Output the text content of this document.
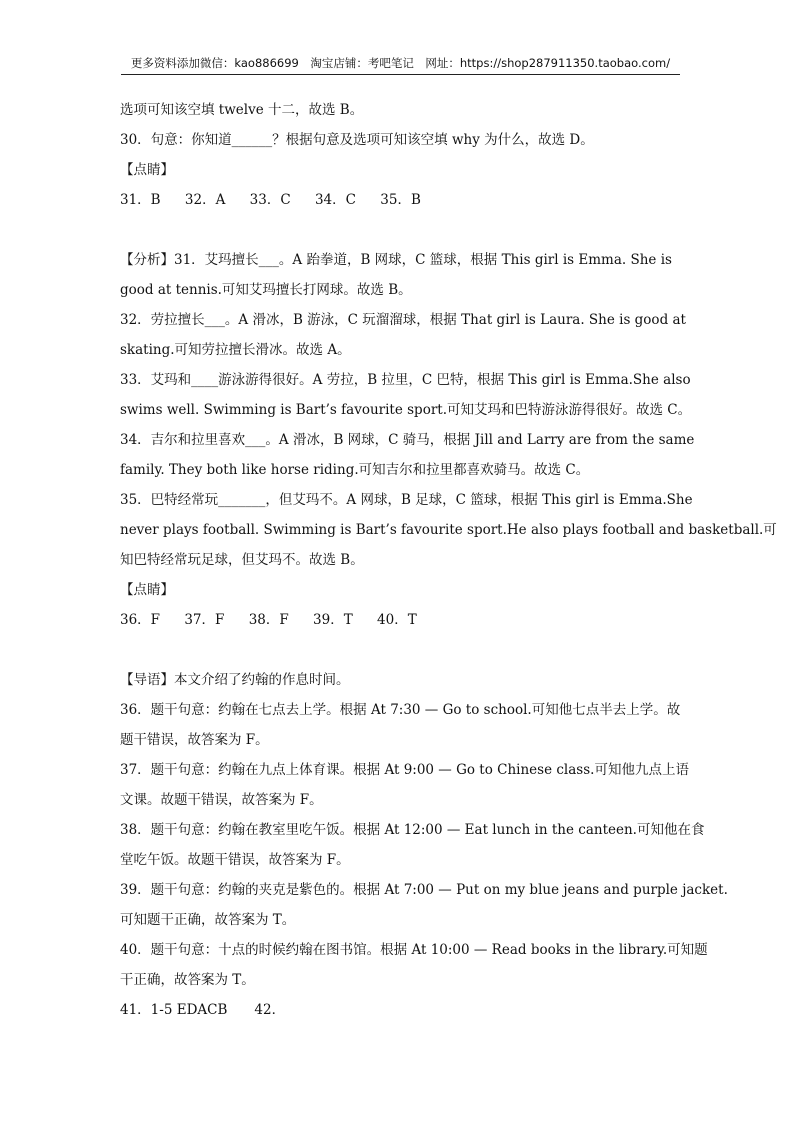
更多资料添加微信：kao886699　淘宝店铺：考吧笔记　网址：https://shop287911350.taobao.com/
选项可知该空填 twelve 十二，故选 B。
30．句意：你知道______？根据句意及选项可知该空填 why 为什么，故选 D。
【点睛】
31．B 32．A 33．C 34．C 35．B
【分析】31．艾玛擅长___。A 跆拳道，B 网球，C 篮球，根据 This girl is Emma. She is
good at tennis.可知艾玛擅长打网球。故选 B。
32．劳拉擅长___。A 滑冰，B 游泳，C 玩溜溜球，根据 That girl is Laura. She is good at
skating.可知劳拉擅长滑冰。故选 A。
33．艾玛和____游泳游得很好。A 劳拉，B 拉里，C 巴特，根据 This girl is Emma.She also
swims well. Swimming is Bart’s favourite sport.可知艾玛和巴特游泳游得很好。故选 C。
34．吉尔和拉里喜欢___。A 滑冰，B 网球，C 骑马，根据 Jill and Larry are from the same
family. They both like horse riding.可知吉尔和拉里都喜欢骑马。故选 C。
35．巴特经常玩_______，但艾玛不。A 网球，B 足球，C 篮球，根据 This girl is Emma.She
never plays football. Swimming is Bart’s favourite sport.He also plays football and basketball.可
知巴特经常玩足球，但艾玛不。故选 B。
【点睛】
36．F 37．F 38．F 39．T 40．T
【导语】本文介绍了约翰的作息时间。
36．题干句意：约翰在七点去上学。根据 At 7:30 — Go to school.可知他七点半去上学。故
题干错误，故答案为 F。
37．题干句意：约翰在九点上体育课。根据 At 9:00 — Go to Chinese class.可知他九点上语
文课。故题干错误，故答案为 F。
38．题干句意：约翰在教室里吃午饭。根据 At 12:00 — Eat lunch in the canteen.可知他在食
堂吃午饭。故题干错误，故答案为 F。
39．题干句意：约翰的夹克是紫色的。根据 At 7:00 — Put on my blue jeans and purple jacket.
可知题干正确，故答案为 T。
40．题干句意：十点的时候约翰在图书馆。根据 At 10:00 — Read books in the library.可知题
干正确，故答案为 T。
41．1-5 EDACB　　42．
